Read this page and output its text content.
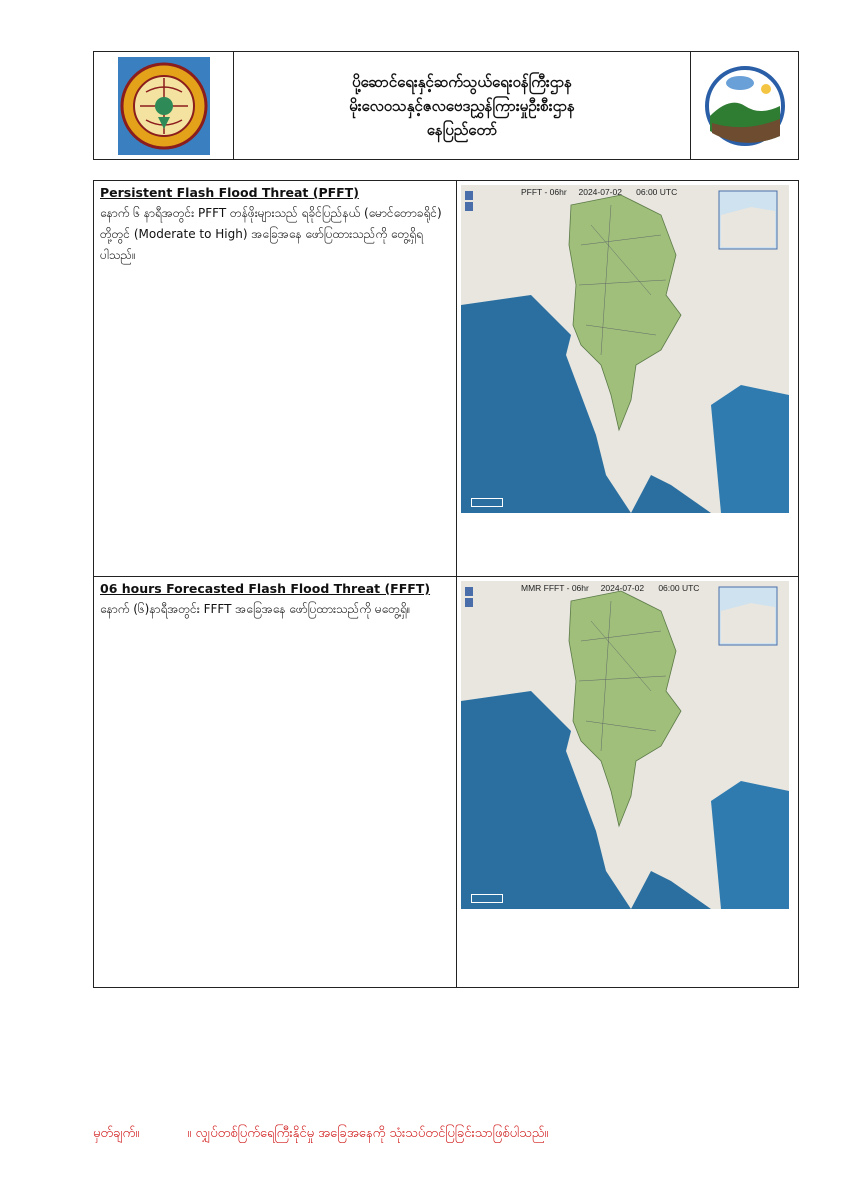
ပို့ဆောင်ရေးနှင့်ဆက်သွယ်ရေးဝန်ကြီးဌာန
မိုးလေဝသနှင့်ဇလဗေဒညွှန်ကြားမှုဦးစီးဌာန
နေပြည်တော်
Persistent Flash Flood Threat (PFFT)
နောက် ၆ နာရီအတွင်း PFFT တန်ဖိုးများသည် ရခိုင်ပြည်နယ် (မောင်တောခရိုင်) တို့တွင် (Moderate to High) အခြေအနေ ဖော်ပြထားသည်ကို တွေ့ရှိရပါသည်။
PFFT - 06hr 2024-07-02 06:00 UTC
06 hours Forecasted Flash Flood Threat (FFFT)
နောက် (၆)နာရီအတွင်း FFFT အခြေအနေ ဖော်ပြထားသည်ကို မတွေ့ရှိ။
MMR FFFT - 06hr 2024-07-02 06:00 UTC
မှတ်ချက်။	။ လျှပ်တစ်ပြက်ရေကြီးနိုင်မှု အခြေအနေကို သုံးသပ်တင်ပြခြင်းသာဖြစ်ပါသည်။
